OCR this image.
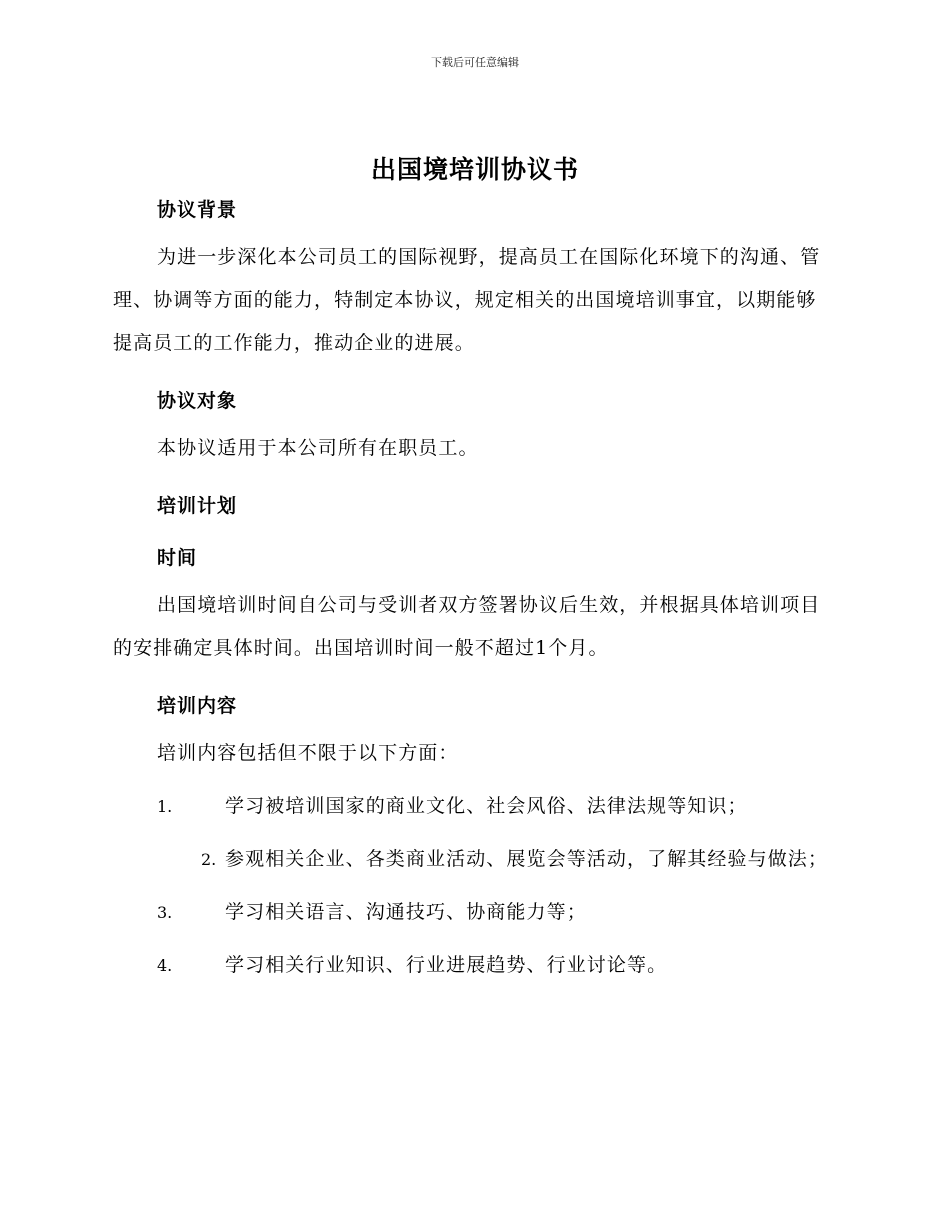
下载后可任意编辑
出国境培训协议书
协议背景
为进一步深化本公司员工的国际视野，提高员工在国际化环境下的沟通、管理、协调等方面的能力，特制定本协议，规定相关的出国境培训事宜，以期能够提高员工的工作能力，推动企业的进展。
协议对象
本协议适用于本公司所有在职员工。
培训计划
时间
出国境培训时间自公司与受训者双方签署协议后生效，并根据具体培训项目的安排确定具体时间。出国培训时间一般不超过1个月。
培训内容
培训内容包括但不限于以下方面：
1.	学习被培训国家的商业文化、社会风俗、法律法规等知识；
2. 参观相关企业、各类商业活动、展览会等活动，了解其经验与做法；
3.	学习相关语言、沟通技巧、协商能力等；
4.	学习相关行业知识、行业进展趋势、行业讨论等。
